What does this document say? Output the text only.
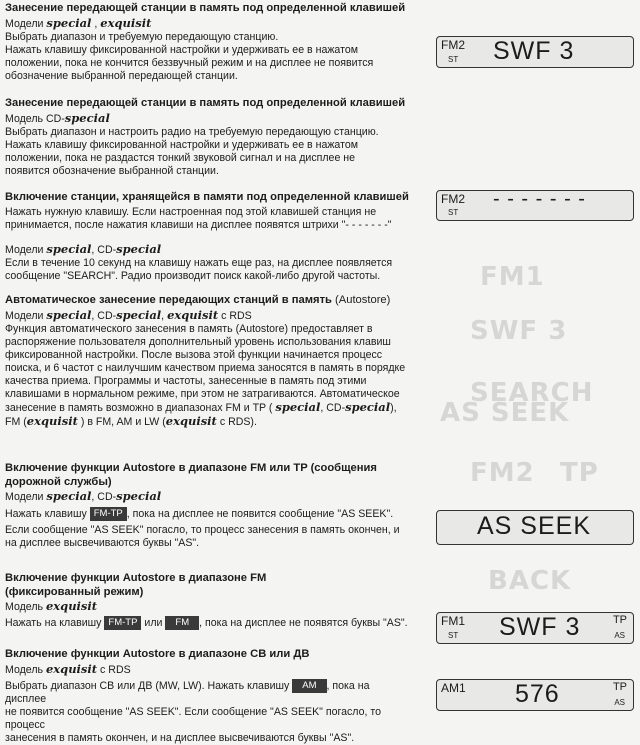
FM1
SWF 3
SEARCH
AS SEEK
FM2 TP
BACK
Занесение передающей станции в память под определенной клавишей

Модели special , exquisit

Выбрать диапазон и требуемую передающую станцию.

Нажать клавишу фиксированной настройки и удерживать ее в нажатом

положении, пока не кончится беззвучный режим и на дисплее не появится

обозначение выбранной передающей станции.

Занесение передающей станции в память под определенной клавишей

Модель CD-special

Выбрать диапазон и настроить радио на требуемую передающую станцию.

Нажать клавишу фиксированной настройки и удерживать ее в нажатом

положении, пока не раздастся тонкий звуковой сигнал и на дисплее не

появится обозначение выбранной станции.

Включение станции, хранящейся в памяти под определенной клавишей

Нажать нужную клавишу. Если настроенная под этой клавишей станция не

принимается, после нажатия клавиши на дисплее появятся штрихи "- - - - - - -"

Модели special, CD-special

Если в течение 10 секунд на клавишу нажать еще раз, на дисплее появляется

сообщение "SEARCH". Радио производит поиск какой-либо другой частоты.

Автоматическое занесение передающих станций в память (Autostore)

Модели special, CD-special, exquisit с RDS

Функция автоматического занесения в память (Autostore) предоставляет в

распоряжение пользователя дополнительный уровень использования клавиш

фиксированной настройки. После вызова этой функции начинается процесс

поиска, и 6 частот с наилучшим качеством приема заносятся в память в порядке

качества приема. Программы и частоты, занесенные в память под этими

клавишами в нормальном режиме, при этом не затрагиваются. Автоматическое

занесение в память возможно в диапазонах FM и TP ( special, CD-special),

FM (exquisit ) в FM, AM и LW (exquisit с RDS).

Включение функции Autostore в диапазоне FM или TP (сообщения
дорожной службы)

Модели special, CD-special

Нажать клавишу FM-TP , пока на дисплее не появится сообщение "AS SEEK".

Если сообщение "AS SEEK" погасло, то процесс занесения в память окончен, и

на дисплее высвечиваются буквы "AS".

Включение функции Autostore в диапазоне FM
(фиксированный режим)

Модель exquisit

Нажать на клавишу FM-TP или FM , пока на дисплее не появятся буквы "AS".

Включение функции Autostore в диапазоне СВ или ДВ

Модель exquisit с RDS

Выбрать диапазон СВ или ДВ (MW, LW). Нажать клавишу AM , пока на дисплее

не появится сообщение "AS SEEK". Если сообщение "AS SEEK" погасло, то процесс

занесения в память окончен, и на дисплее высвечиваются буквы "AS".

FM2
ST SWF 3
FM2
ST
- - - - - - -
AS SEEK
FM1
ST SWF 3	TP
AS
AM1 576	TP
AS
